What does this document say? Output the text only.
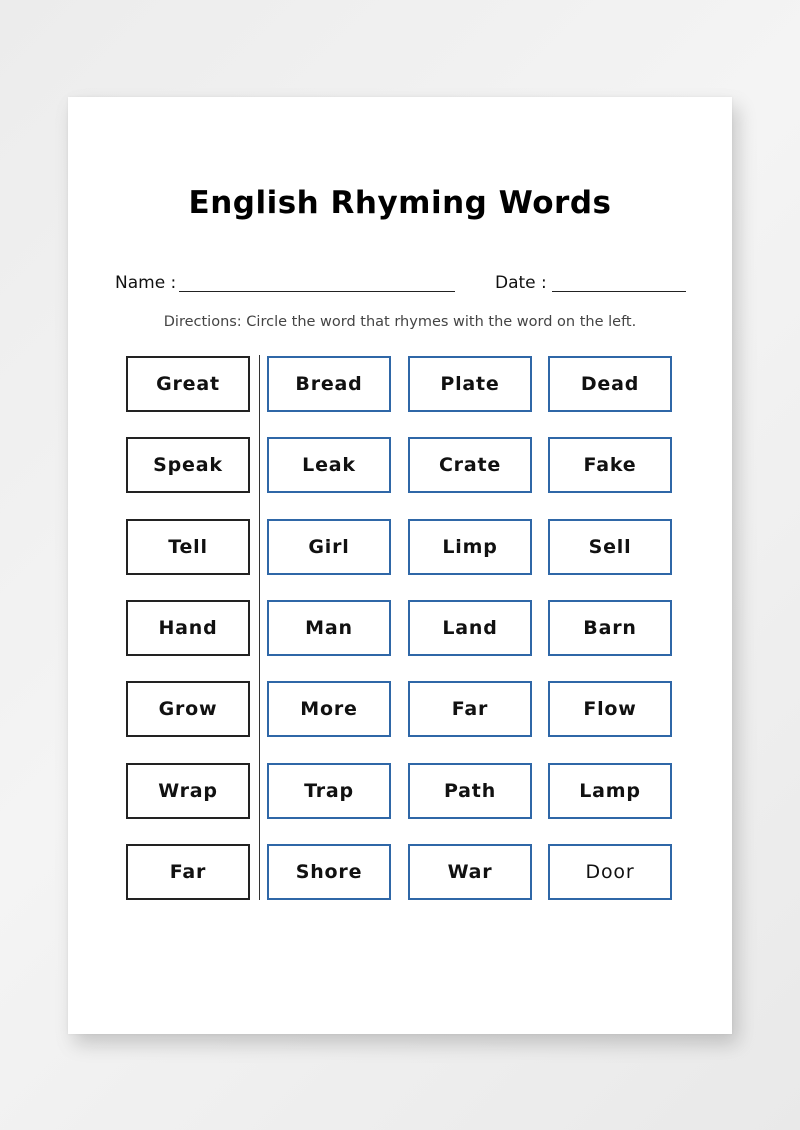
English Rhyming Words
Name :	Date :
Directions: Circle the word that rhymes with the word on the left.
Great	Bread	Plate	Dead
Speak	Leak	Crate	Fake
Tell	Girl	Limp	Sell
Hand	Man	Land	Barn
Grow	More	Far	Flow
Wrap	Trap	Path	Lamp
Far	Shore	War	Door
